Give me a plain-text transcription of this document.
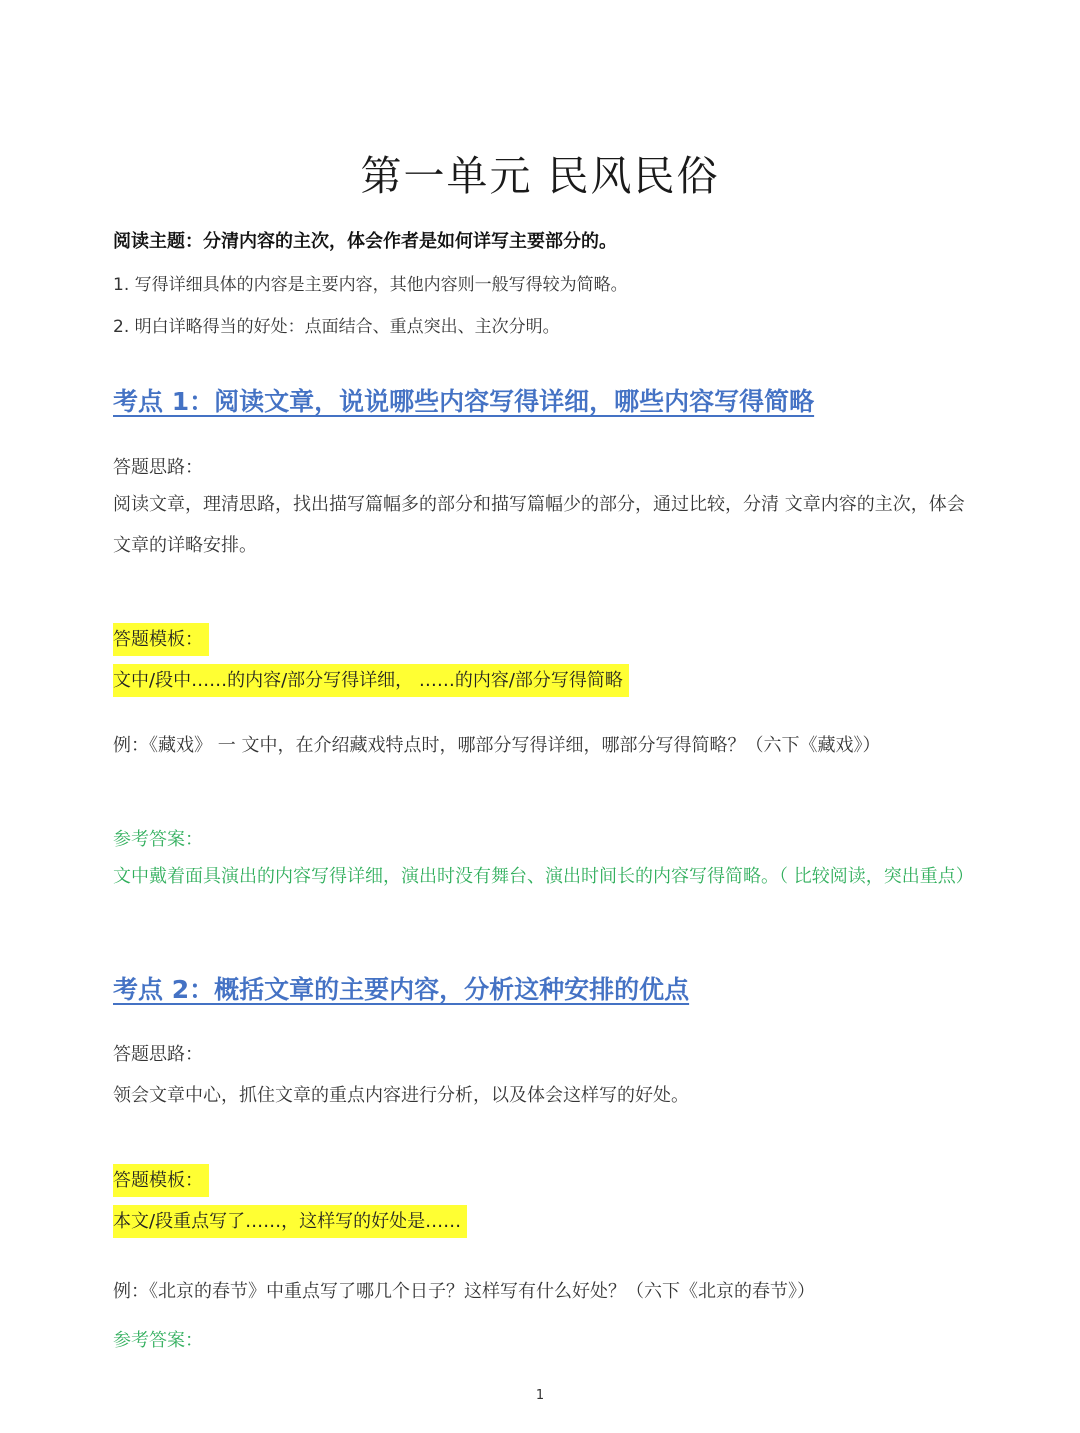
第一单元 民风民俗
阅读主题：分清内容的主次，体会作者是如何详写主要部分的。
1. 写得详细具体的内容是主要内容，其他内容则一般写得较为简略。
2. 明白详略得当的好处：点面结合、重点突出、主次分明。
考点 1：阅读文章，说说哪些内容写得详细，哪些内容写得简略
答题思路：
阅读文章，理清思路，找出描写篇幅多的部分和描写篇幅少的部分，通过比较，分清 文章内容的主次，体会文章的详略安排。
答题模板：
文中/段中……的内容/部分写得详细， ……的内容/部分写得简略
例：《藏戏》 一 文中，在介绍藏戏特点时，哪部分写得详细，哪部分写得简略？（六下《藏戏》）
参考答案：
文中戴着面具演出的内容写得详细，演出时没有舞台、演出时间长的内容写得简略。（ 比较阅读，突出重点）
考点 2：概括文章的主要内容，分析这种安排的优点
答题思路：
领会文章中心，抓住文章的重点内容进行分析，以及体会这样写的好处。
答题模板：
本文/段重点写了……，这样写的好处是……
例：《北京的春节》中重点写了哪几个日子？这样写有什么好处？（六下《北京的春节》）
参考答案：
1
